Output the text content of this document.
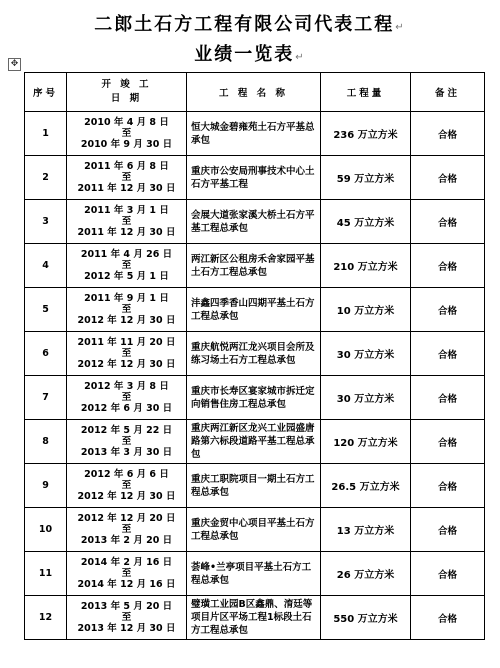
二郎土石方工程有限公司代表工程↵
业绩一览表↵
✥
序号	开 竣 工
日 期	工 程 名 称	工程量	备注
1	2010 年 4 月 8 日
至
2010 年 9 月 30 日	恒大城金碧雍苑土石方平基总承包	236 万立方米	合格
2	2011 年 6 月 8 日
至
2011 年 12 月 30 日	重庆市公安局刑事技术中心土石方平基工程	59 万立方米	合格
3	2011 年 3 月 1 日
至
2011 年 12 月 30 日	会展大道张家溪大桥土石方平基工程总承包	45 万立方米	合格
4	2011 年 4 月 26 日
至
2012 年 5 月 1 日	两江新区公租房禾舍家园平基土石方工程总承包	210 万立方米	合格
5	2011 年 9 月 1 日
至
2012 年 12 月 30 日	沣鑫四季香山四期平基土石方工程总承包	10 万立方米	合格
6	2011 年 11 月 20 日
至
2012 年 12 月 30 日	重庆航悦两江龙兴项目会所及练习场土石方工程总承包	30 万立方米	合格
7	2012 年 3 月 8 日
至
2012 年 6 月 30 日	重庆市长寿区宴家城市拆迁定向销售住房工程总承包	30 万立方米	合格
8	2012 年 5 月 22 日
至
2013 年 3 月 30 日	重庆两江新区龙兴工业园盛唐路第六标段道路平基工程总承包	120 万立方米	合格
9	2012 年 6 月 6 日
至
2012 年 12 月 30 日	重庆工职院项目一期土石方工程总承包	26.5 万立方米	合格
10	2012 年 12 月 20 日
至
2013 年 2 月 20 日	重庆金贸中心项目平基土石方工程总承包	13 万立方米	合格
11	2014 年 2 月 16 日
至
2014 年 12 月 16 日	荟峰•兰亭项目平基土石方工程总承包	26 万立方米	合格
12	2013 年 5 月 20 日
至
2013 年 12 月 30 日	璧璜工业园B区鑫鼎、淯廷等项目片区平场工程1标段土石方工程总承包	550 万立方米	合格
